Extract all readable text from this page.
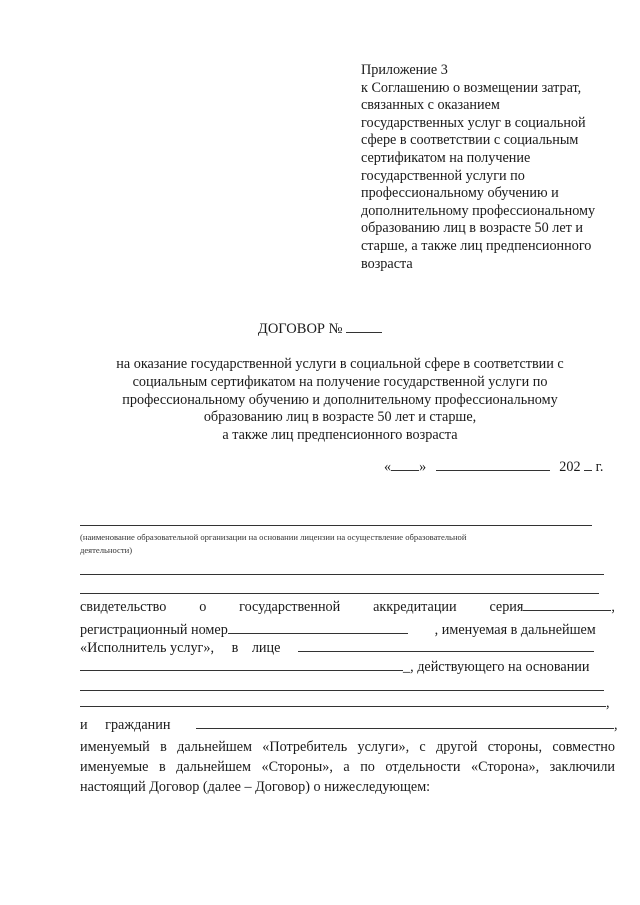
Приложение 3
к Соглашению о возмещении затрат,
связанных с оказанием
государственных услуг в социальной
сфере в соответствии с социальным
сертификатом на получение
государственной услуги по
профессиональному обучению и
дополнительному профессиональному
образованию лиц в возрасте 50 лет и
старше, а также лиц предпенсионного
возраста
ДОГОВОР №
на оказание государственной услуги в социальной сфере в соответствии с
социальным сертификатом на получение государственной услуги по
профессиональному обучению и дополнительному профессиональному
образованию лиц в возрасте 50 лет и старше,
а также лиц предпенсионного возраста
« »	202 г.
(наименование образовательной организации на основании лицензии на осуществление образовательной
деятельности)
свидетельство о государственной аккредитации серия	,
регистрационный номер	, именуемая в дальнейшем
«Исполнитель услуг», в лице
_, действующего на основании
,
и гражданин	,
именуемый в дальнейшем «Потребитель услуги», с другой стороны, совместно
именуемые в дальнейшем «Стороны», а по отдельности «Сторона», заключили
настоящий Договор (далее – Договор) о нижеследующем:
